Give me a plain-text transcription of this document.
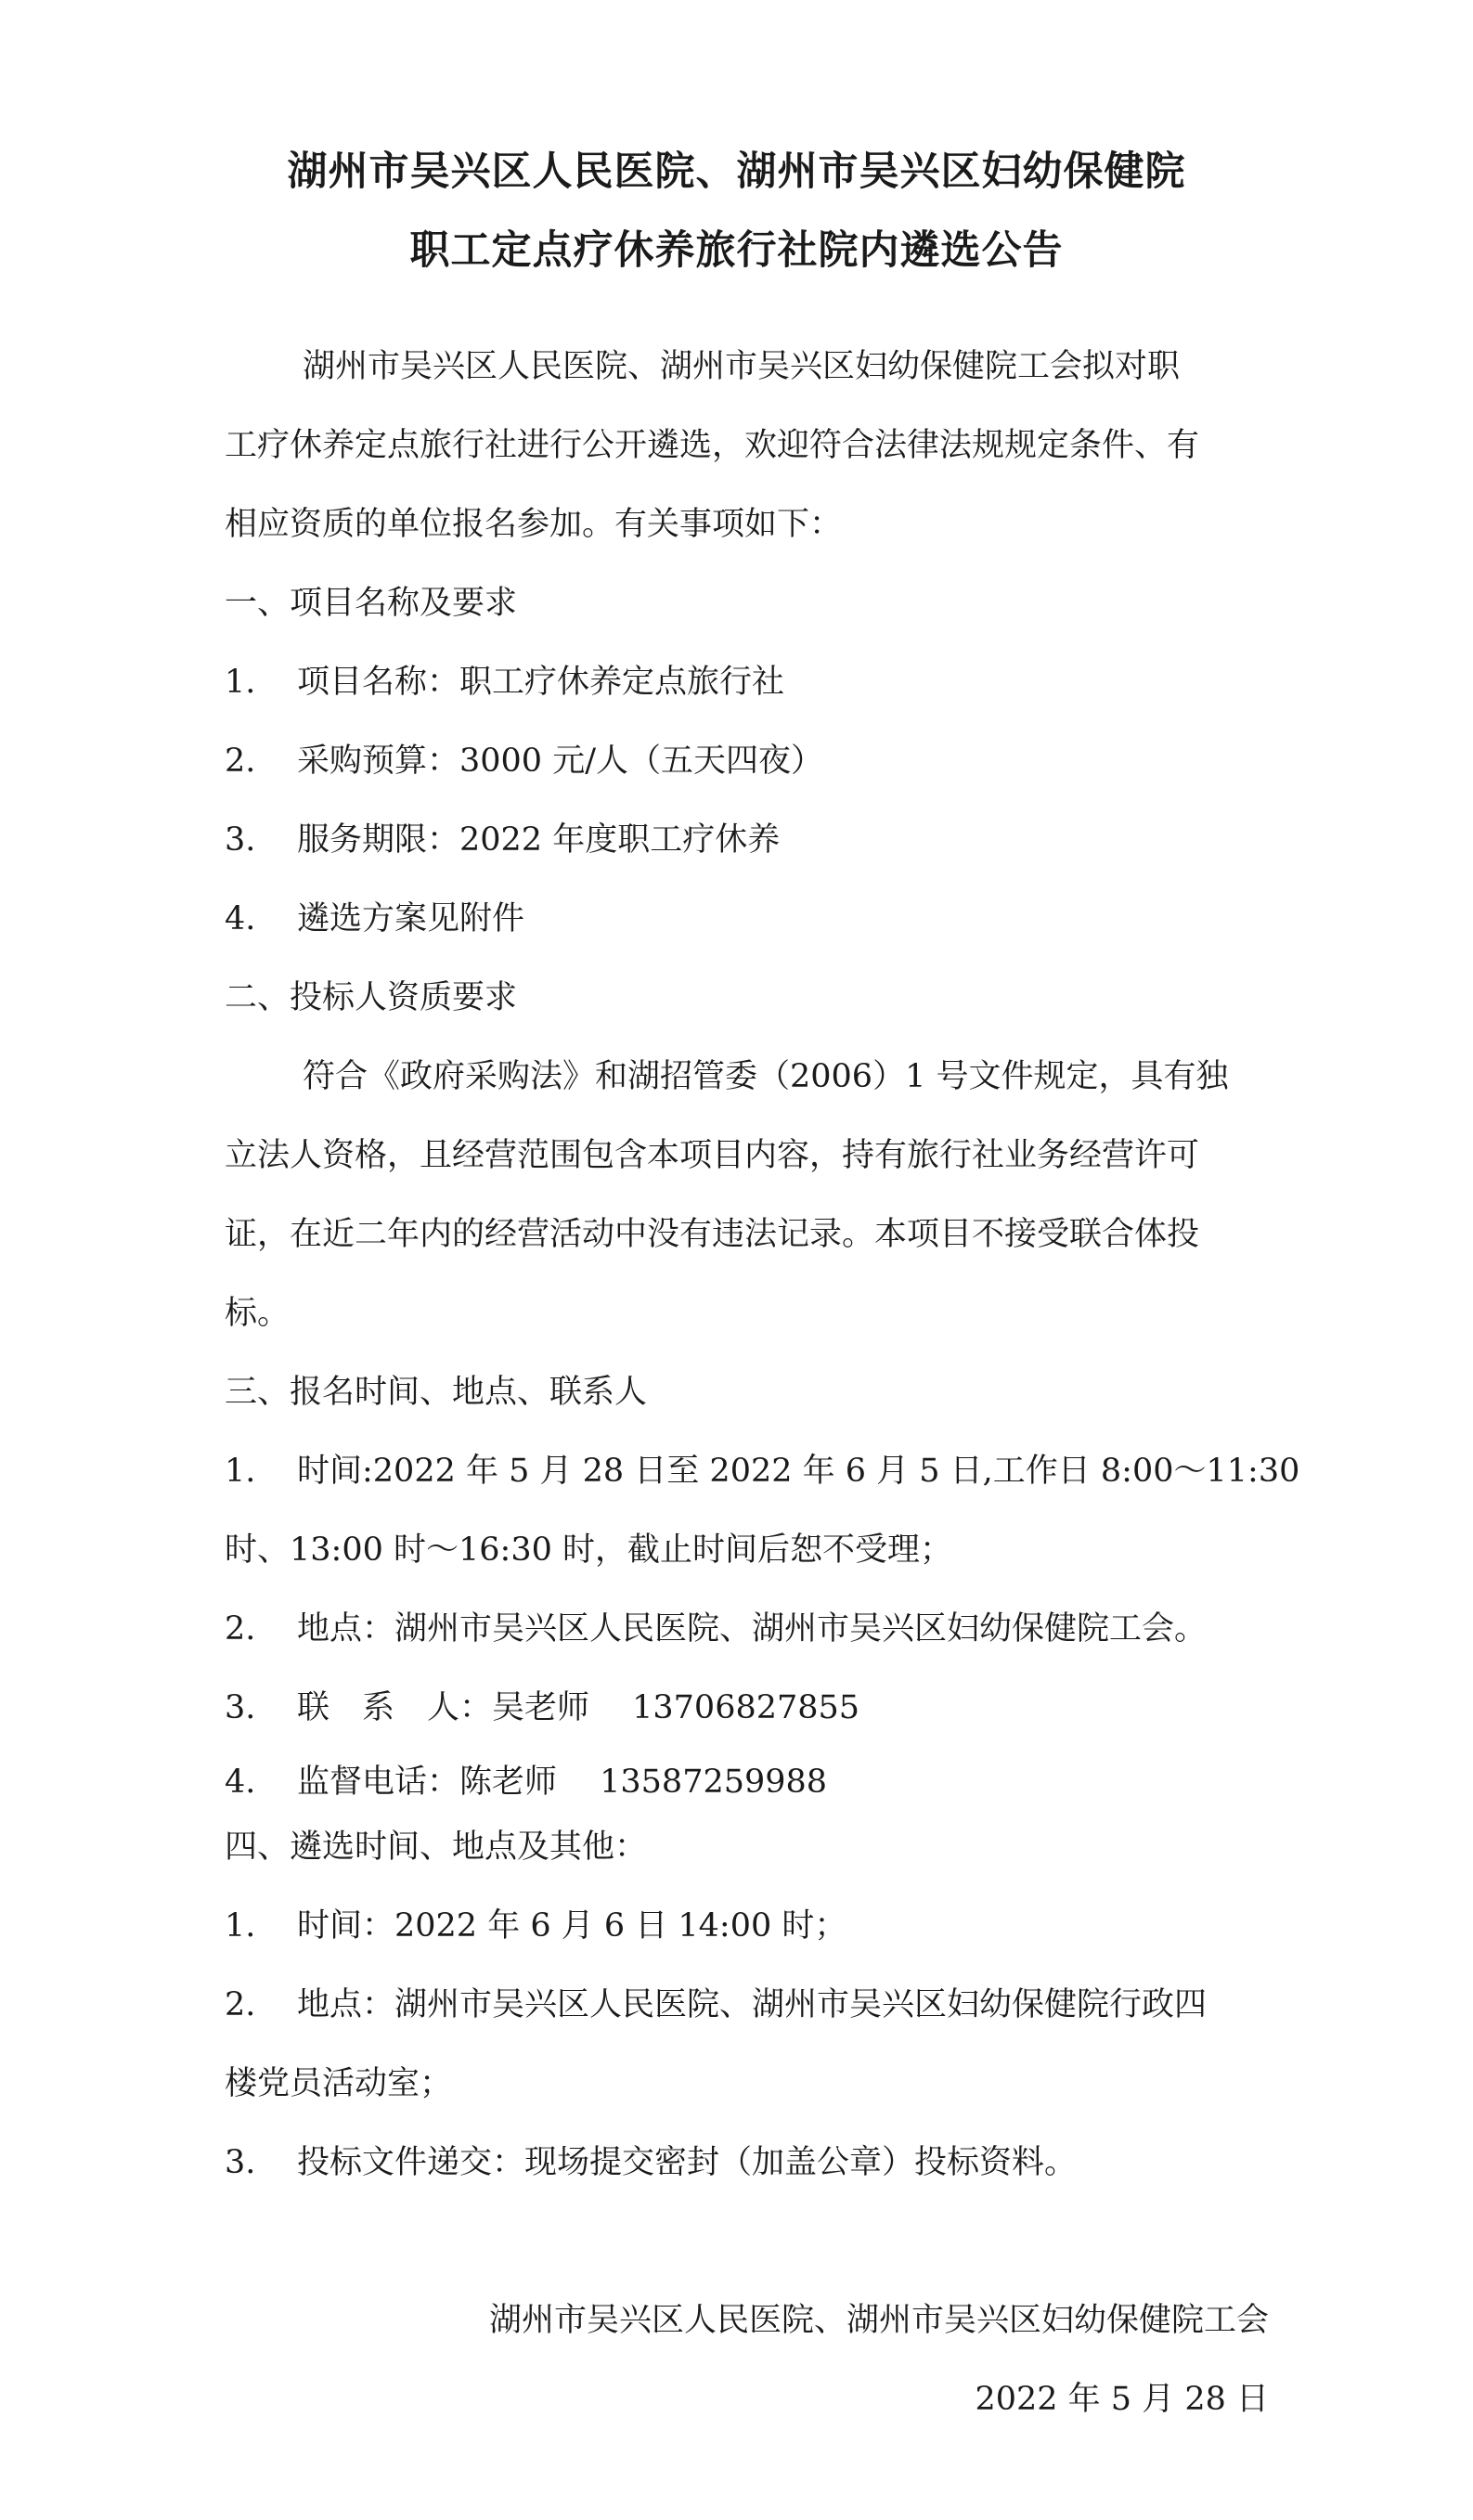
湖州市吴兴区人民医院、湖州市吴兴区妇幼保健院
职工定点疗休养旅行社院内遴选公告
湖州市吴兴区人民医院、湖州市吴兴区妇幼保健院工会拟对职
工疗休养定点旅行社进行公开遴选，欢迎符合法律法规规定条件、有
相应资质的单位报名参加。有关事项如下：
一、项目名称及要求
1. 项目名称：职工疗休养定点旅行社
2. 采购预算：3000 元/人（五天四夜）
3. 服务期限：2022 年度职工疗休养
4. 遴选方案见附件
二、投标人资质要求
符合《政府采购法》和湖招管委（2006）1 号文件规定，具有独
立法人资格，且经营范围包含本项目内容，持有旅行社业务经营许可
证，在近二年内的经营活动中没有违法记录。本项目不接受联合体投
标。
三、报名时间、地点、联系人
1. 时间:2022 年 5 月 28 日至 2022 年 6 月 5 日,工作日 8:00～11:30
时、13:00 时～16:30 时，截止时间后恕不受理；
2. 地点：湖州市吴兴区人民医院、湖州市吴兴区妇幼保健院工会。
3. 联　系　人：吴老师　 13706827855
4. 监督电话：陈老师　 13587259988
四、遴选时间、地点及其他：
1. 时间：2022 年 6 月 6 日 14:00 时；
2. 地点：湖州市吴兴区人民医院、湖州市吴兴区妇幼保健院行政四
楼党员活动室；
3. 投标文件递交：现场提交密封（加盖公章）投标资料。
湖州市吴兴区人民医院、湖州市吴兴区妇幼保健院工会
2022 年 5 月 28 日
